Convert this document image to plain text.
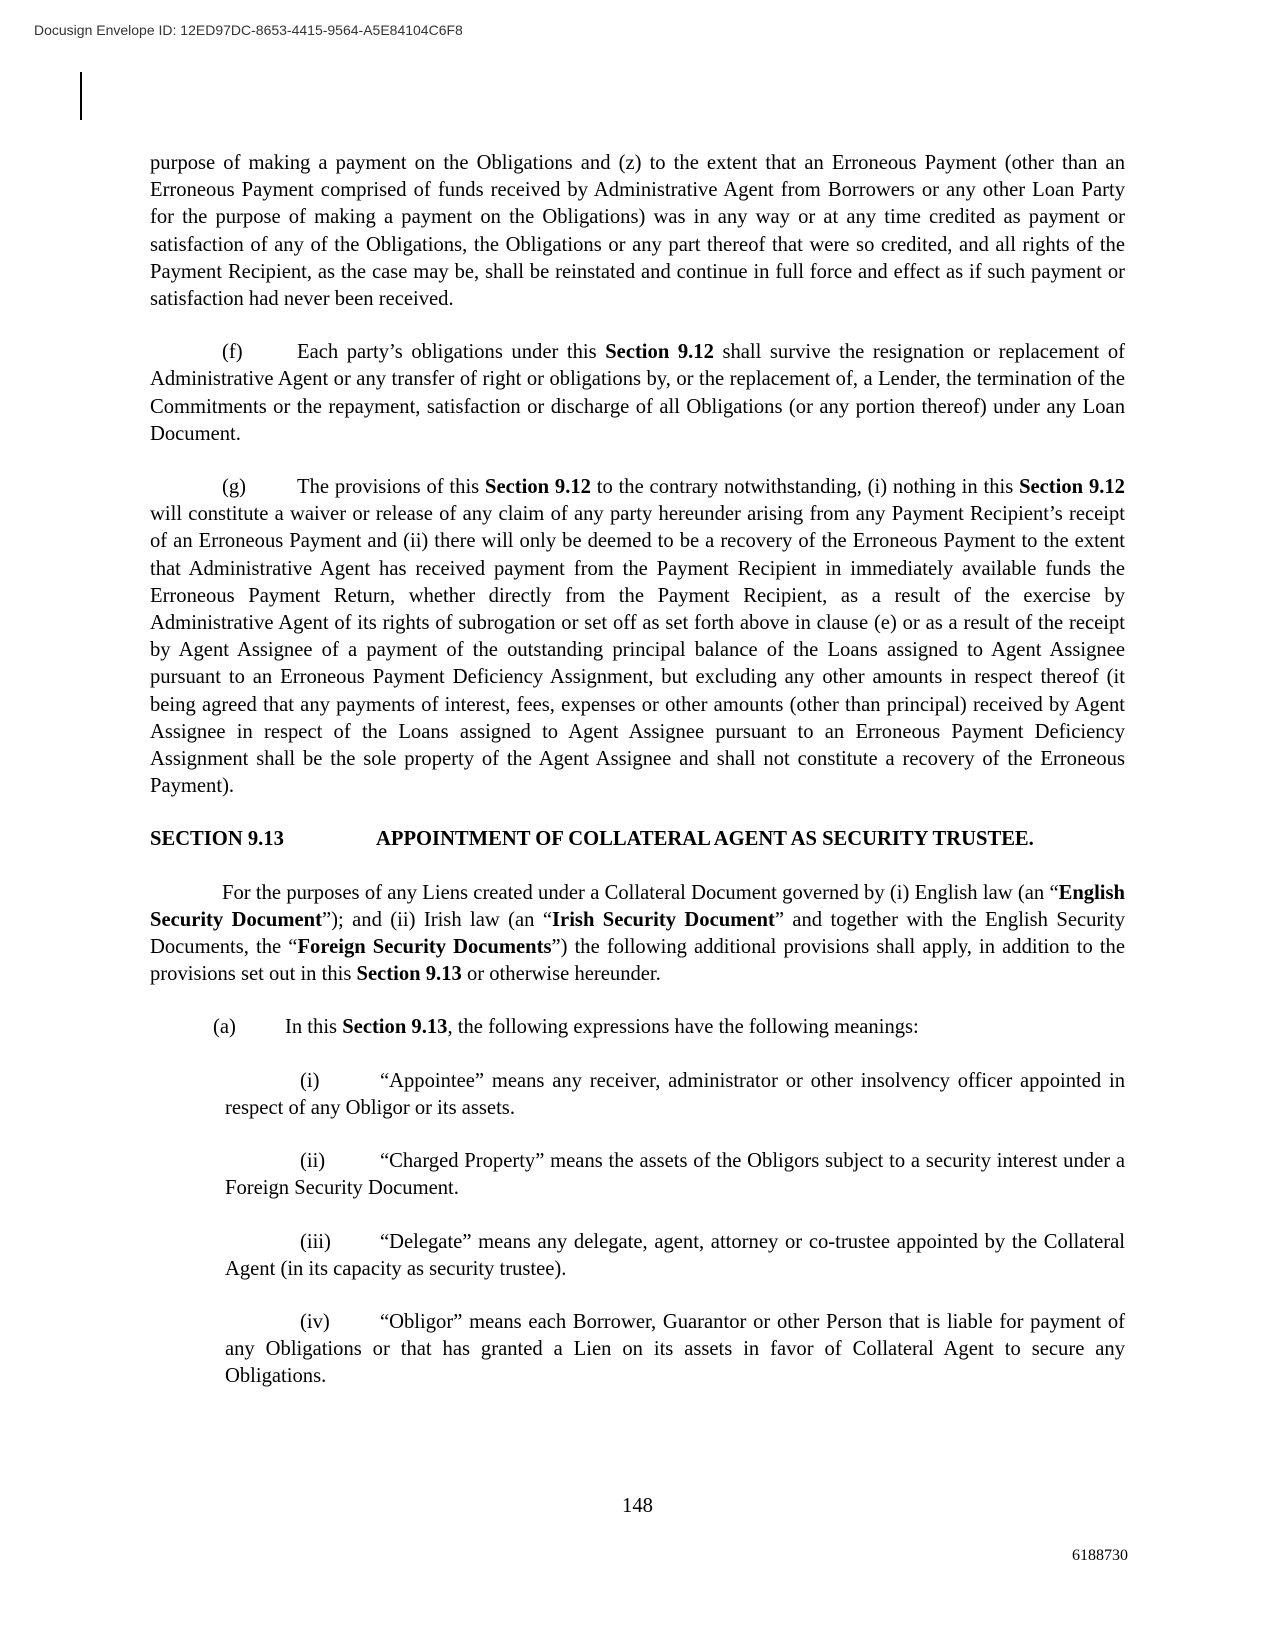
Docusign Envelope ID: 12ED97DC-8653-4415-9564-A5E84104C6F8

purpose of making a payment on the Obligations and (z) to the extent that an Erroneous Payment (other than an Erroneous Payment comprised of funds received by Administrative Agent from Borrowers or any other Loan Party for the purpose of making a payment on the Obligations) was in any way or at any time credited as payment or satisfaction of any of the Obligations, the Obligations or any part thereof that were so credited, and all rights of the Payment Recipient, as the case may be, shall be reinstated and continue in full force and effect as if such payment or satisfaction had never been received.

(f)	Each party’s obligations under this Section 9.12 shall survive the resignation or replacement of Administrative Agent or any transfer of right or obligations by, or the replacement of, a Lender, the termination of the Commitments or the repayment, satisfaction or discharge of all Obligations (or any portion thereof) under any Loan Document.

(g) The provisions of this Section 9.12 to the contrary notwithstanding, (i) nothing in this Section 9.12 will constitute a waiver or release of any claim of any party hereunder arising from any Payment Recipient’s receipt of an Erroneous Payment and (ii) there will only be deemed to be a recovery of the Erroneous Payment to the extent that Administrative Agent has received payment from the Payment Recipient in immediately available funds the Erroneous Payment Return, whether directly from the Payment Recipient, as a result of the exercise by Administrative Agent of its rights of subrogation or set off as set forth above in clause (e) or as a result of the receipt by Agent Assignee of a payment of the outstanding principal balance of the Loans assigned to Agent Assignee pursuant to an Erroneous Payment Deficiency Assignment, but excluding any other amounts in respect thereof (it being agreed that any payments of interest, fees, expenses or other amounts (other than principal) received by Agent Assignee in respect of the Loans assigned to Agent Assignee pursuant to an Erroneous Payment Deficiency Assignment shall be the sole property of the Agent Assignee and shall not constitute a recovery of the Erroneous Payment).

SECTION 9.13	APPOINTMENT OF COLLATERAL AGENT AS SECURITY TRUSTEE.

For the purposes of any Liens created under a Collateral Document governed by (i) English law (an “English Security Document”); and (ii) Irish law (an “Irish Security Document” and together with the English Security Documents, the “Foreign Security Documents”) the following additional provisions shall apply, in addition to the provisions set out in this Section 9.13 or otherwise hereunder.

(a) In this Section 9.13, the following expressions have the following meanings:

(i)	“Appointee” means any receiver, administrator or other insolvency officer appointed in respect of any Obligor or its assets.

(ii)	“Charged Property” means the assets of the Obligors subject to a security interest under a Foreign Security Document.

(iii) “Delegate” means any delegate, agent, attorney or co-trustee appointed by the Collateral Agent (in its capacity as security trustee).

(iv) “Obligor” means each Borrower, Guarantor or other Person that is liable for payment of any Obligations or that has granted a Lien on its assets in favor of Collateral Agent to secure any Obligations.

148
6188730
